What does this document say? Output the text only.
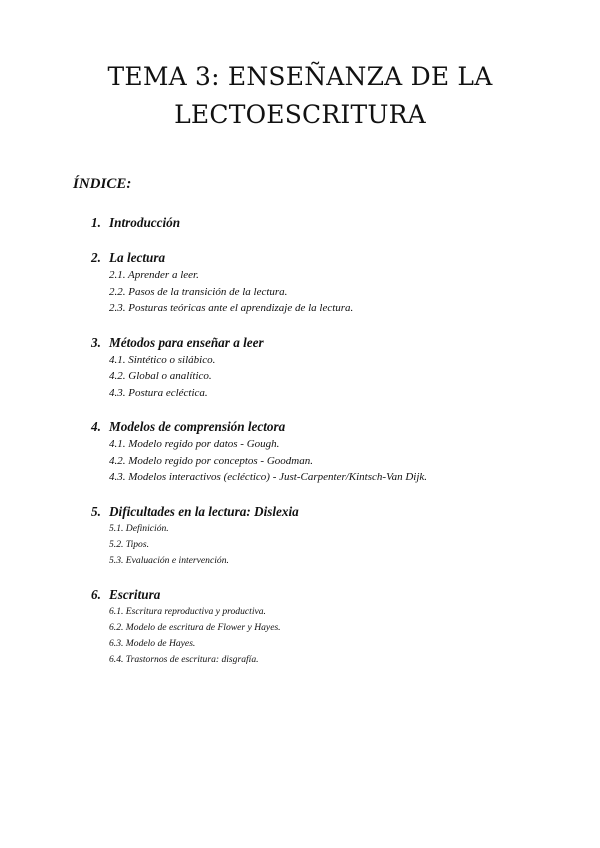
TEMA 3: ENSEÑANZA DE LA
LECTOESCRITURA
ÍNDICE:
1. Introducción
2. La lectura
2.1. Aprender a leer.
2.2. Pasos de la transición de la lectura.
2.3. Posturas teóricas ante el aprendizaje de la lectura.
3. Métodos para enseñar a leer
4.1. Sintético o silábico.
4.2. Global o analítico.
4.3. Postura ecléctica.
4. Modelos de comprensión lectora
4.1. Modelo regido por datos - Gough.
4.2. Modelo regido por conceptos - Goodman.
4.3. Modelos interactivos (ecléctico) - Just-Carpenter/Kintsch-Van Dijk.
5. Dificultades en la lectura: Dislexia
5.1. Definición.
5.2. Tipos.
5.3. Evaluación e intervención.
6. Escritura
6.1. Escritura reproductiva y productiva.
6.2. Modelo de escritura de Flower y Hayes.
6.3. Modelo de Hayes.
6.4. Trastornos de escritura: disgrafía.
